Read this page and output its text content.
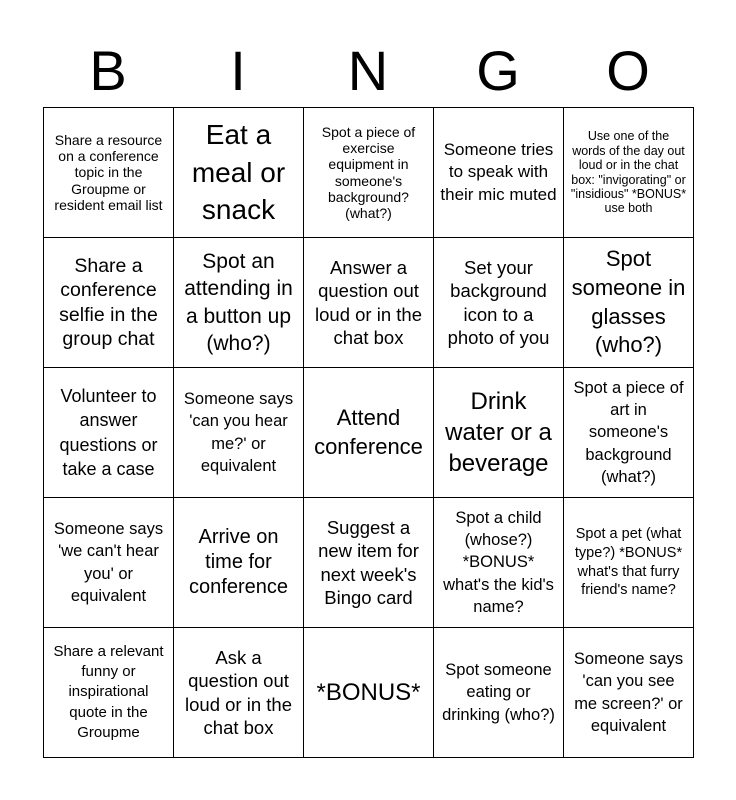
B	I	N	G	O
Share a resource on a conference topic in the Groupme or resident email list
Eat a meal or snack
Spot a piece of exercise equipment in someone's background? (what?)
Someone tries to speak with their mic muted
Use one of the words of the day out loud or in the chat box: "invigorating" or "insidious" *BONUS* use both
Share a conference selfie in the group chat
Spot an attending in a button up (who?)
Answer a question out loud or in the chat box
Set your background icon to a photo of you
Spot someone in glasses (who?)
Volunteer to answer questions or take a case
Someone says 'can you hear me?' or equivalent
Attend conference
Drink water or a beverage
Spot a piece of art in someone's background (what?)
Someone says 'we can't hear you' or equivalent
Arrive on time for conference
Suggest a new item for next week's Bingo card
Spot a child (whose?) *BONUS* what's the kid's name?
Spot a pet (what type?) *BONUS* what's that furry friend's name?
Share a relevant funny or inspirational quote in the Groupme
Ask a question out loud or in the chat box
*BONUS*
Spot someone eating or drinking (who?)
Someone says 'can you see me screen?' or equivalent
